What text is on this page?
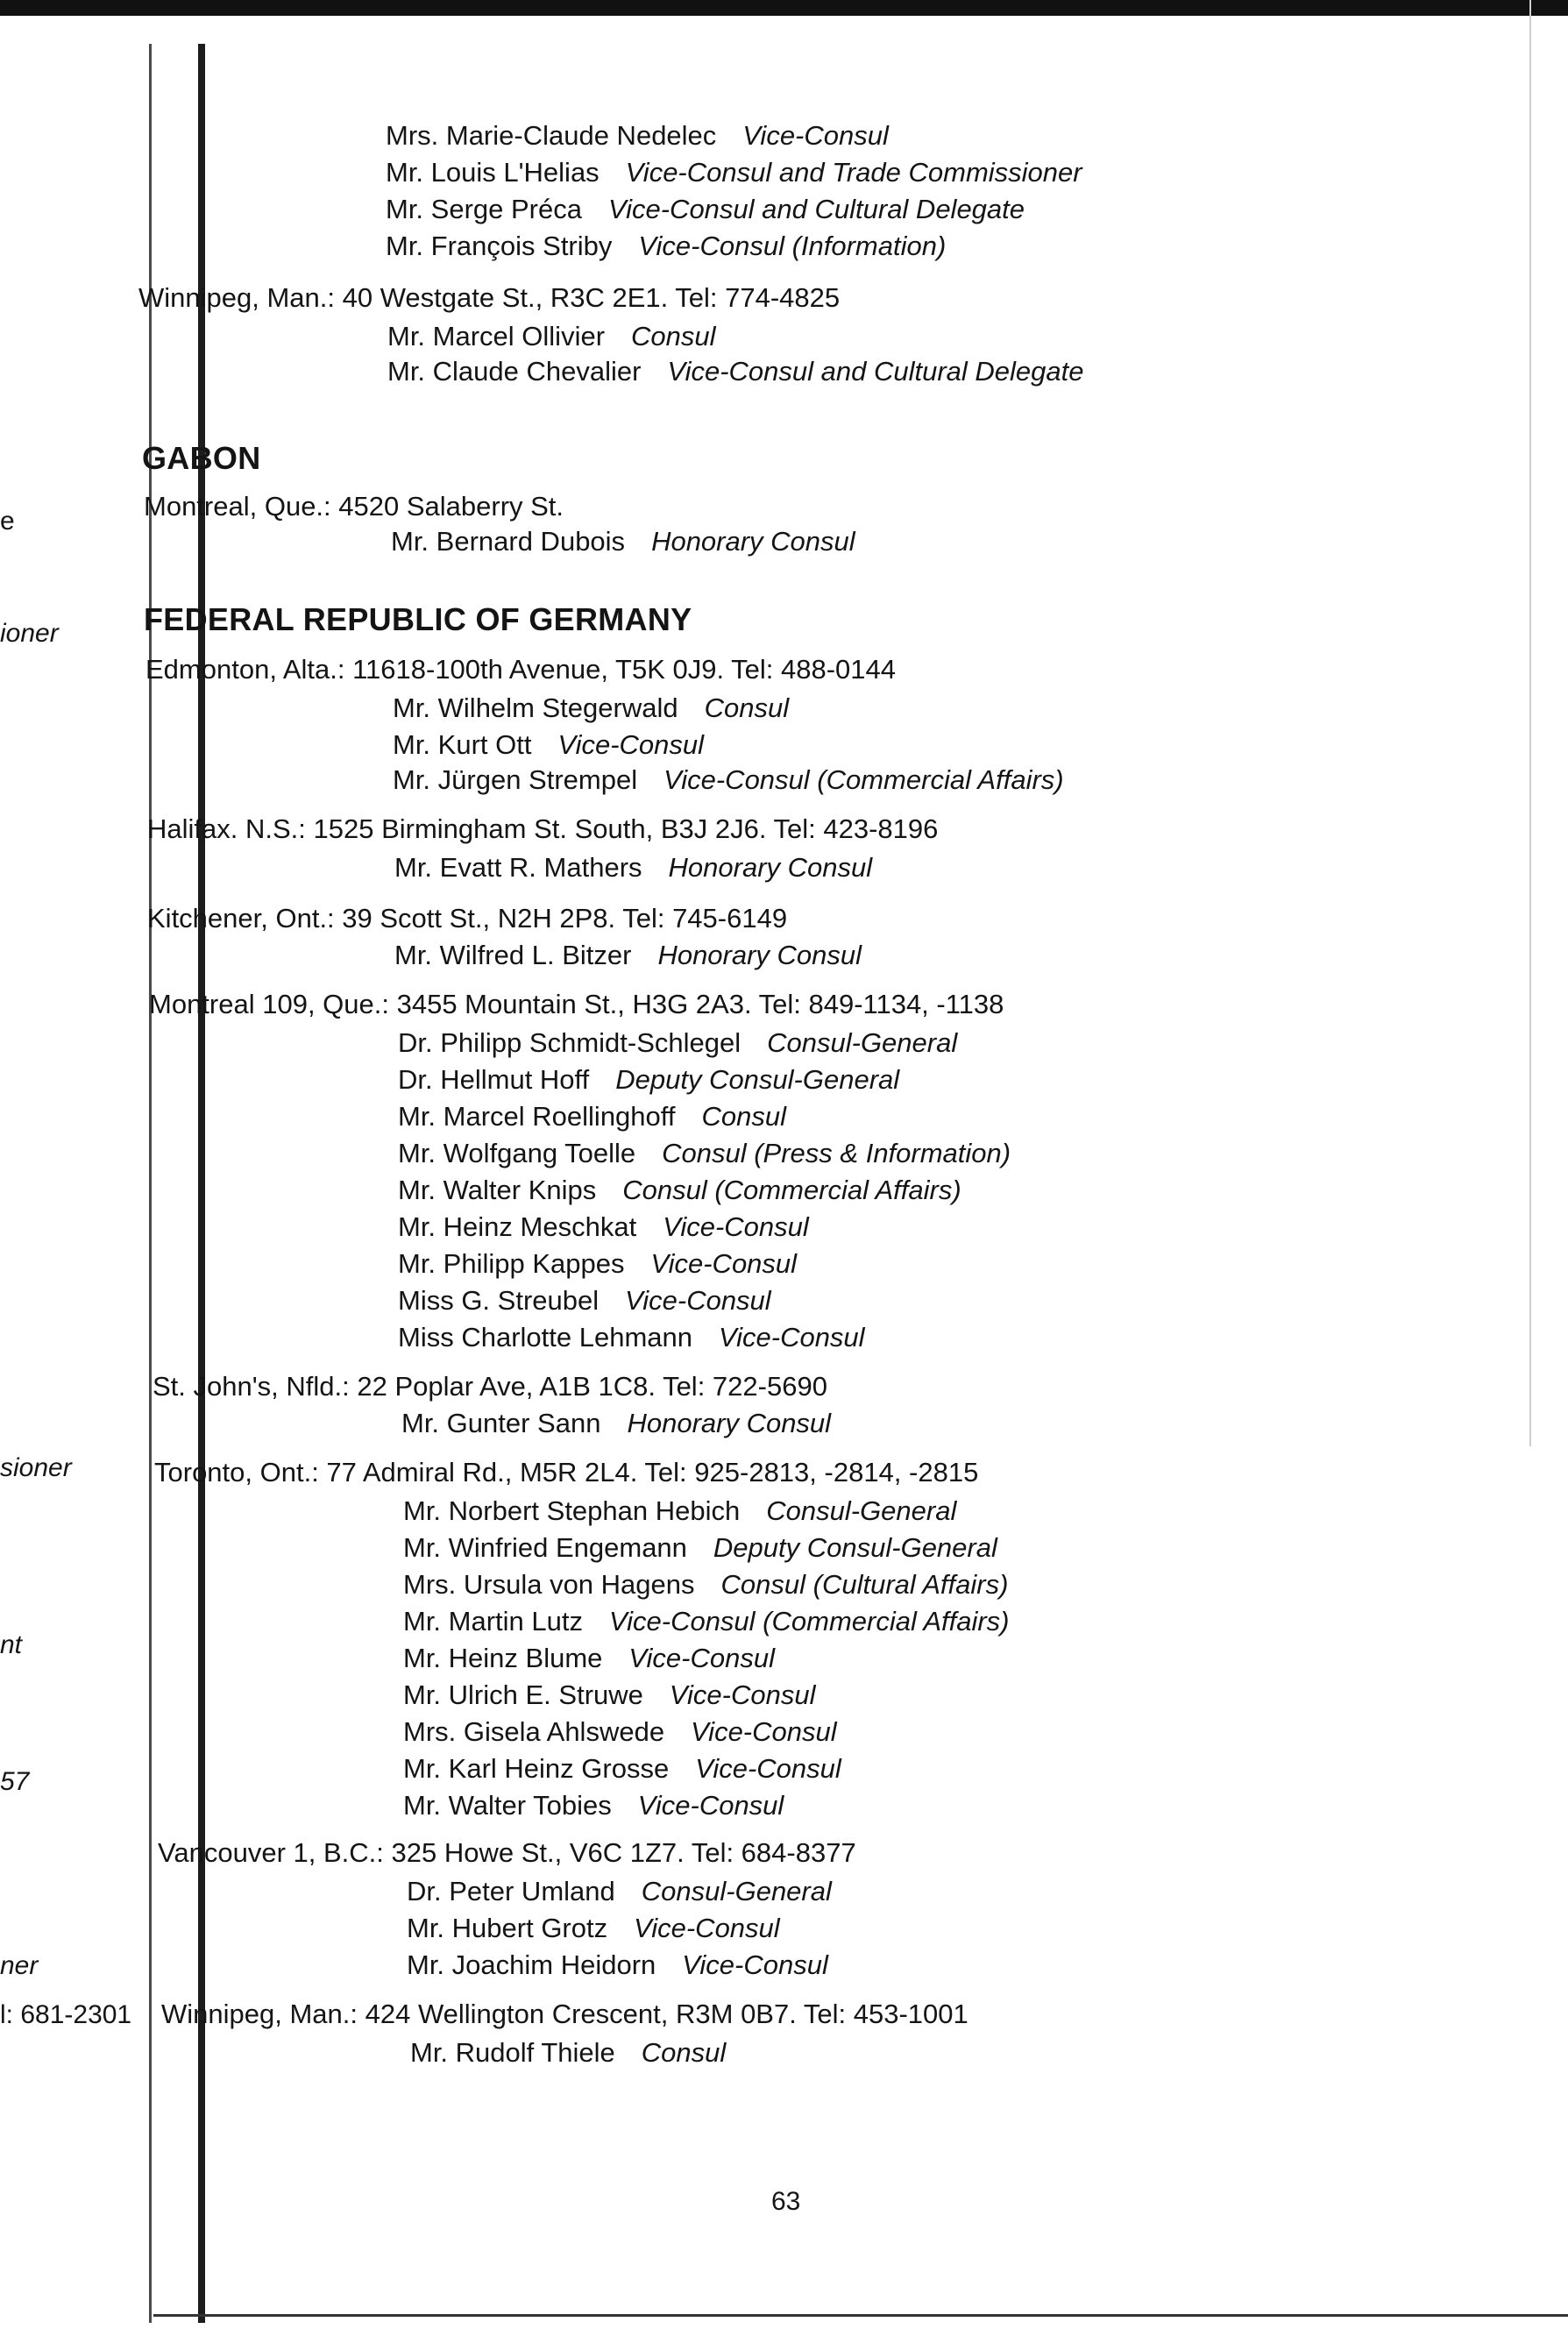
e
ioner
sioner
nt
57
ner
l: 681-2301
Mrs. Marie-Claude Nedelec Vice-Consul
Mr. Louis L'Helias Vice-Consul and Trade Commissioner
Mr. Serge Préca Vice-Consul and Cultural Delegate
Mr. François Striby Vice-Consul (Information)
Winnipeg, Man.: 40 Westgate St., R3C 2E1. Tel: 774-4825
Mr. Marcel Ollivier Consul
Mr. Claude Chevalier Vice-Consul and Cultural Delegate
GABON
Montreal, Que.: 4520 Salaberry St.
Mr. Bernard Dubois Honorary Consul
FEDERAL REPUBLIC OF GERMANY
Edmonton, Alta.: 11618-100th Avenue, T5K 0J9. Tel: 488-0144
Mr. Wilhelm Stegerwald Consul
Mr. Kurt Ott Vice-Consul
Mr. Jürgen Strempel Vice-Consul (Commercial Affairs)
Halifax. N.S.: 1525 Birmingham St. South, B3J 2J6. Tel: 423-8196
Mr. Evatt R. Mathers Honorary Consul
Kitchener, Ont.: 39 Scott St., N2H 2P8. Tel: 745-6149
Mr. Wilfred L. Bitzer Honorary Consul
Montreal 109, Que.: 3455 Mountain St., H3G 2A3. Tel: 849-1134, -1138
Dr. Philipp Schmidt-Schlegel Consul-General
Dr. Hellmut Hoff Deputy Consul-General
Mr. Marcel Roellinghoff Consul
Mr. Wolfgang Toelle Consul (Press & Information)
Mr. Walter Knips Consul (Commercial Affairs)
Mr. Heinz Meschkat Vice-Consul
Mr. Philipp Kappes Vice-Consul
Miss G. Streubel Vice-Consul
Miss Charlotte Lehmann Vice-Consul
St. John's, Nfld.: 22 Poplar Ave, A1B 1C8. Tel: 722-5690
Mr. Gunter Sann Honorary Consul
Toronto, Ont.: 77 Admiral Rd., M5R 2L4. Tel: 925-2813, -2814, -2815
Mr. Norbert Stephan Hebich Consul-General
Mr. Winfried Engemann Deputy Consul-General
Mrs. Ursula von Hagens Consul (Cultural Affairs)
Mr. Martin Lutz Vice-Consul (Commercial Affairs)
Mr. Heinz Blume Vice-Consul
Mr. Ulrich E. Struwe Vice-Consul
Mrs. Gisela Ahlswede Vice-Consul
Mr. Karl Heinz Grosse Vice-Consul
Mr. Walter Tobies Vice-Consul
Vancouver 1, B.C.: 325 Howe St., V6C 1Z7. Tel: 684-8377
Dr. Peter Umland Consul-General
Mr. Hubert Grotz Vice-Consul
Mr. Joachim Heidorn Vice-Consul
Winnipeg, Man.: 424 Wellington Crescent, R3M 0B7. Tel: 453-1001
Mr. Rudolf Thiele Consul
63
